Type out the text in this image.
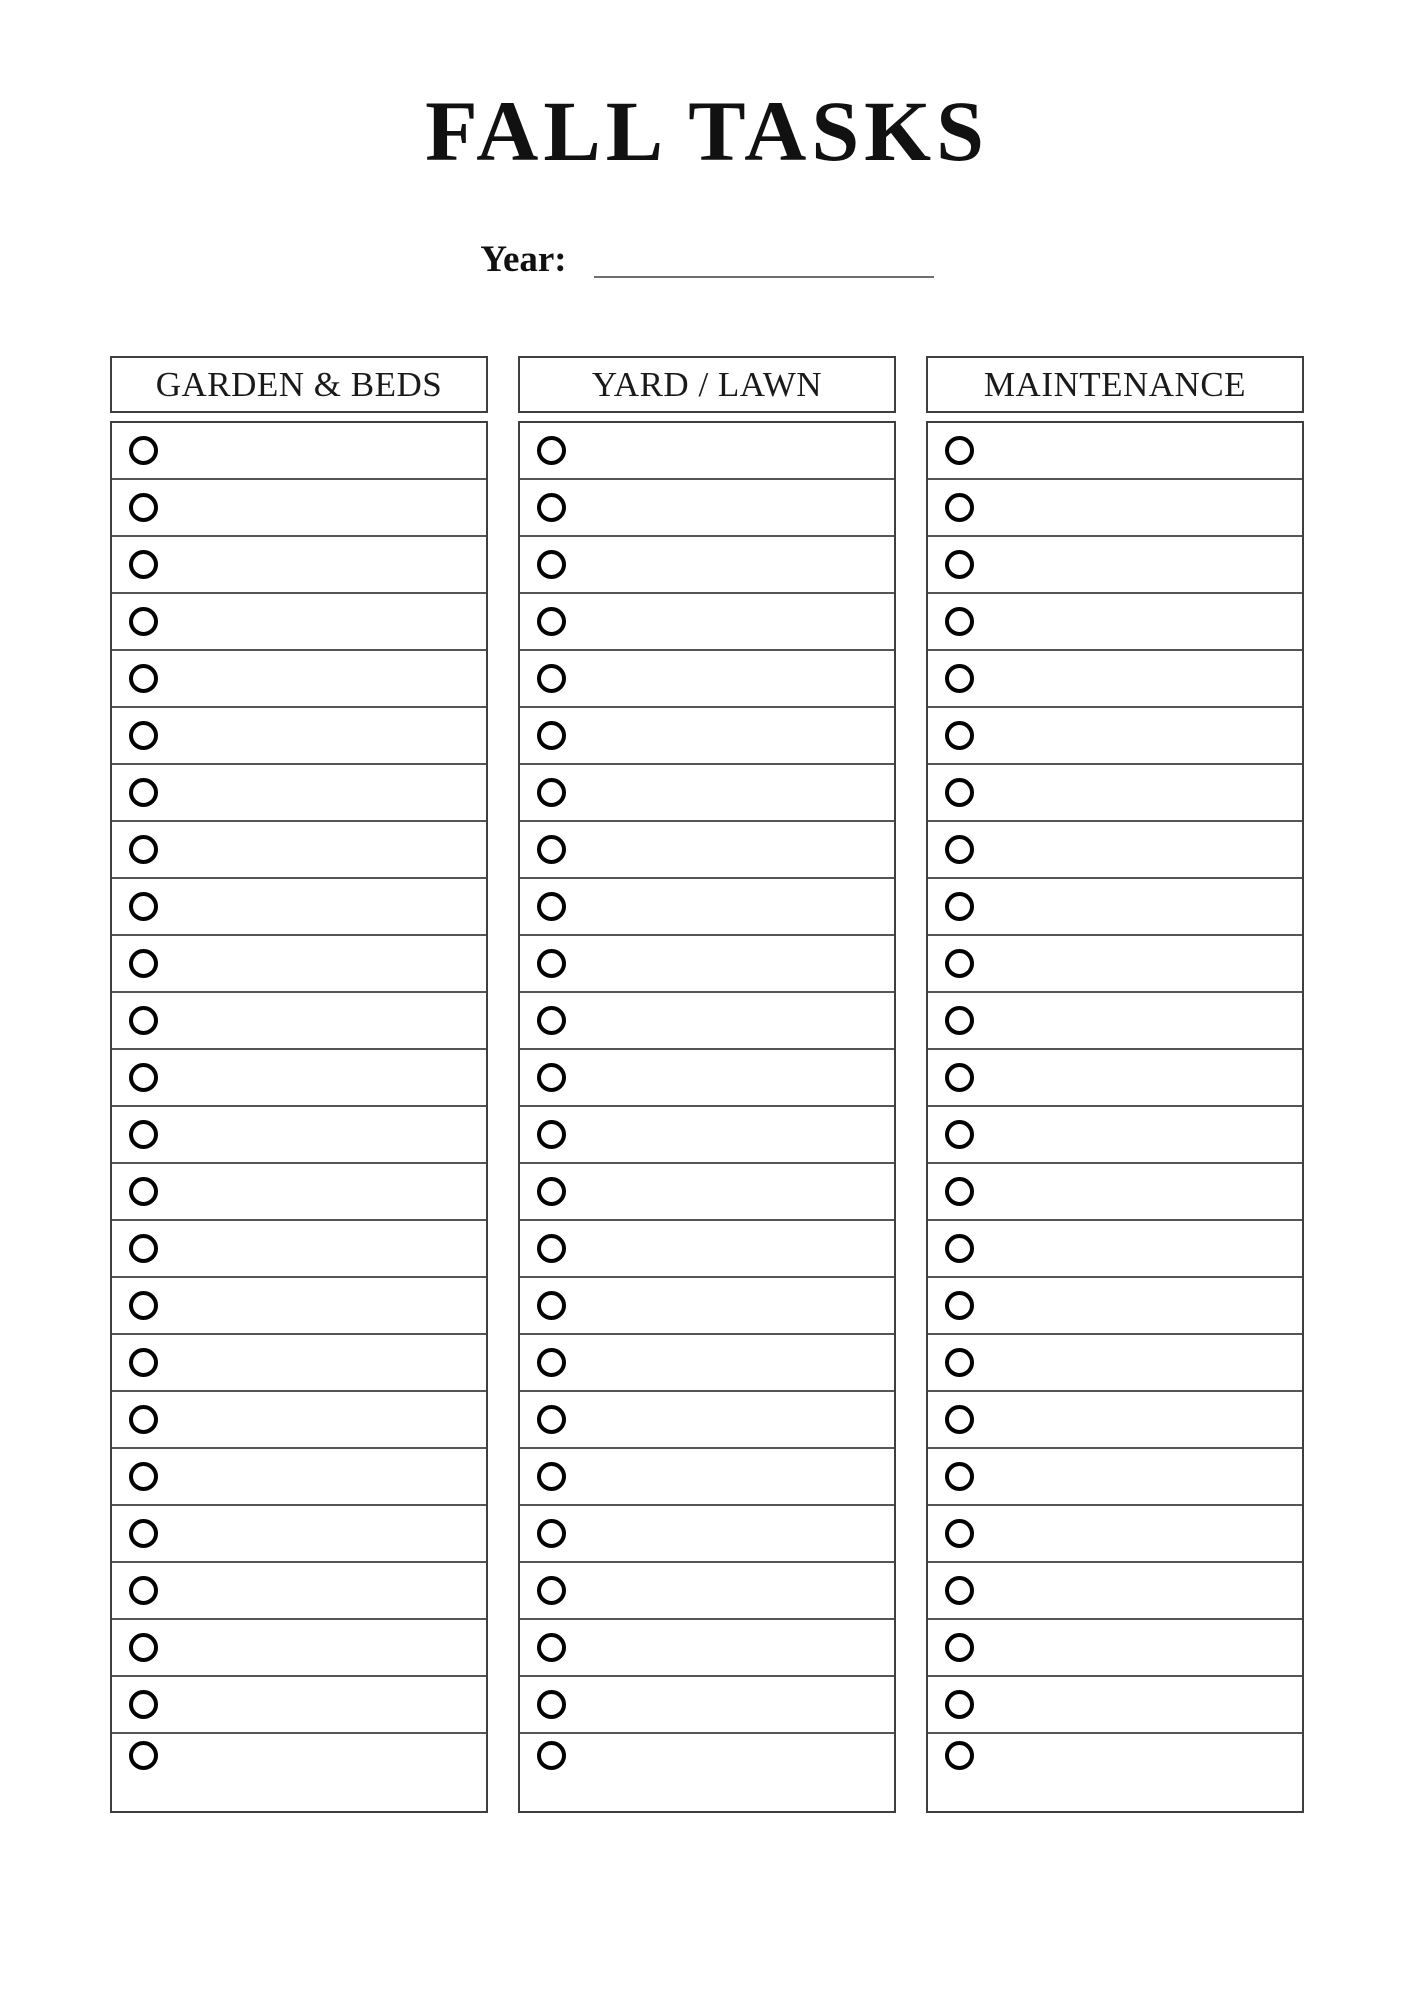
FALL TASKS
Year:
GARDEN & BEDS	YARD / LAWN	MAINTENANCE
